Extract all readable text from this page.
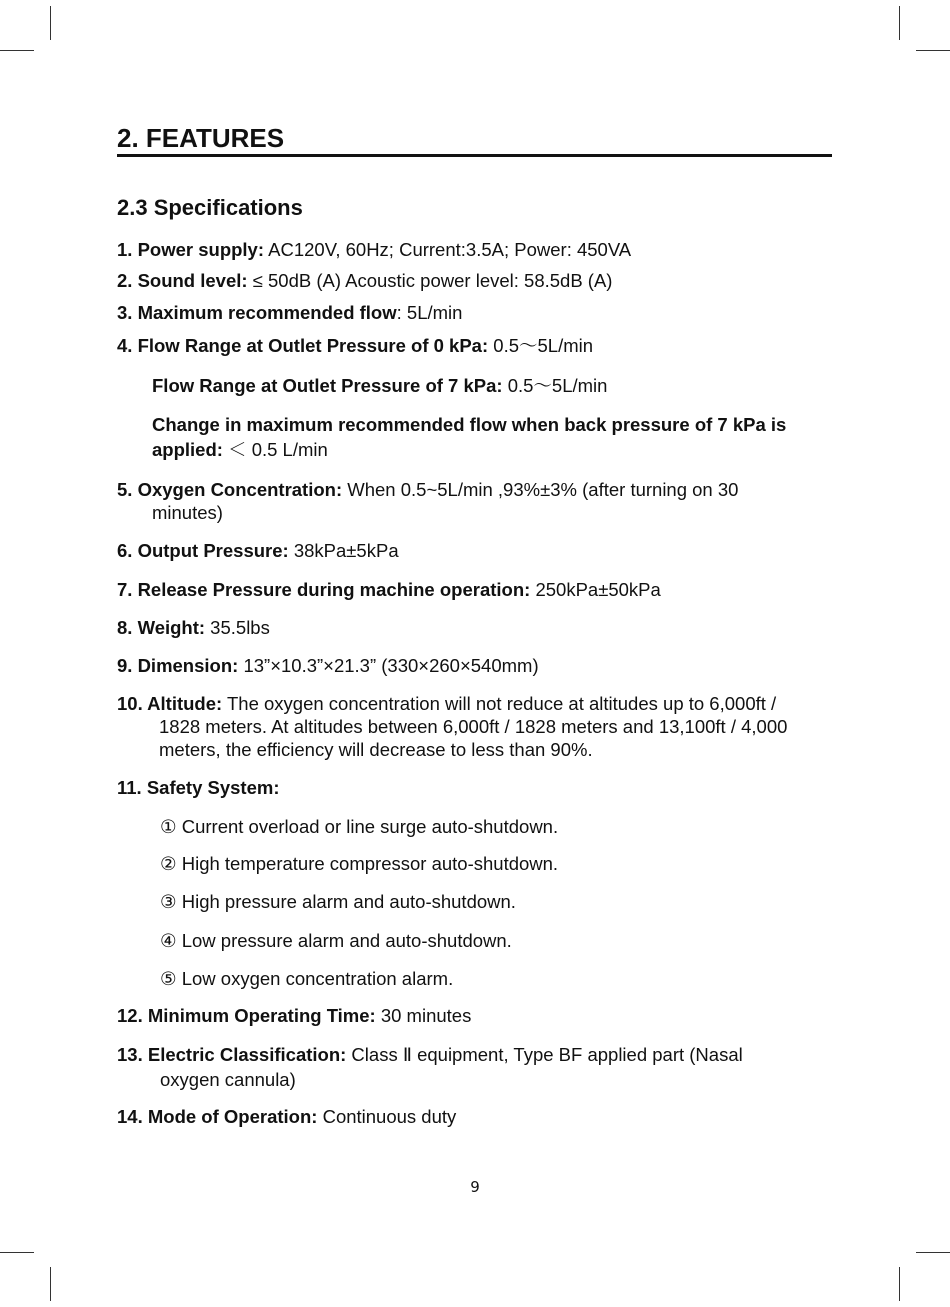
2. FEATURES
2.3 Specifications
1. Power supply: AC120V, 60Hz; Current:3.5A; Power: 450VA
2. Sound level: ≤ 50dB (A) Acoustic power level: 58.5dB (A)
3. Maximum recommended flow: 5L/min
4. Flow Range at Outlet Pressure of 0 kPa: 0.5～5L/min
Flow Range at Outlet Pressure of 7 kPa: 0.5～5L/min
Change in maximum recommended flow when back pressure of 7 kPa is
applied: ＜ 0.5 L/min
5. Oxygen Concentration: When 0.5~5L/min ,93%±3% (after turning on 30
minutes)
6. Output Pressure: 38kPa±5kPa
7. Release Pressure during machine operation: 250kPa±50kPa
8. Weight: 35.5lbs
9. Dimension: 13”×10.3”×21.3” (330×260×540mm)
10. Altitude: The oxygen concentration will not reduce at altitudes up to 6,000ft /
1828 meters. At altitudes between 6,000ft / 1828 meters and 13,100ft / 4,000
meters, the efficiency will decrease to less than 90%.
11. Safety System:
① Current overload or line surge auto-shutdown.
② High temperature compressor auto-shutdown.
③ High pressure alarm and auto-shutdown.
④ Low pressure alarm and auto-shutdown.
⑤ Low oxygen concentration alarm.
12. Minimum Operating Time: 30 minutes
13. Electric Classification: Class Ⅱ equipment, Type BF applied part (Nasal
oxygen cannula)
14. Mode of Operation: Continuous duty
9
